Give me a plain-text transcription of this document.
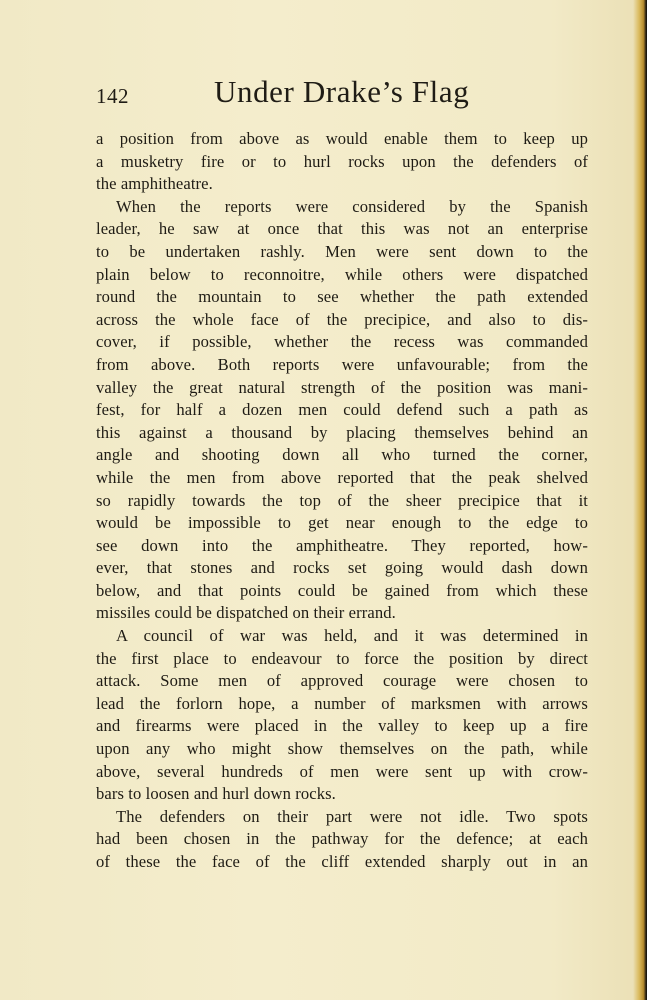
142	Under Drake’s Flag
a position from above as would enable them to keep up
a musketry fire or to hurl rocks upon the defenders of
the amphitheatre.
When the reports were considered by the Spanish
leader, he saw at once that this was not an enterprise
to be undertaken rashly. Men were sent down to the
plain below to reconnoitre, while others were dispatched
round the mountain to see whether the path extended
across the whole face of the precipice, and also to dis-
cover, if possible, whether the recess was commanded
from above. Both reports were unfavourable; from the
valley the great natural strength of the position was mani-
fest, for half a dozen men could defend such a path as
this against a thousand by placing themselves behind an
angle and shooting down all who turned the corner,
while the men from above reported that the peak shelved
so rapidly towards the top of the sheer precipice that it
would be impossible to get near enough to the edge to
see down into the amphitheatre. They reported, how-
ever, that stones and rocks set going would dash down
below, and that points could be gained from which these
missiles could be dispatched on their errand.
A council of war was held, and it was determined in
the first place to endeavour to force the position by direct
attack. Some men of approved courage were chosen to
lead the forlorn hope, a number of marksmen with arrows
and firearms were placed in the valley to keep up a fire
upon any who might show themselves on the path, while
above, several hundreds of men were sent up with crow-
bars to loosen and hurl down rocks.
The defenders on their part were not idle. Two spots
had been chosen in the pathway for the defence; at each
of these the face of the cliff extended sharply out in an
